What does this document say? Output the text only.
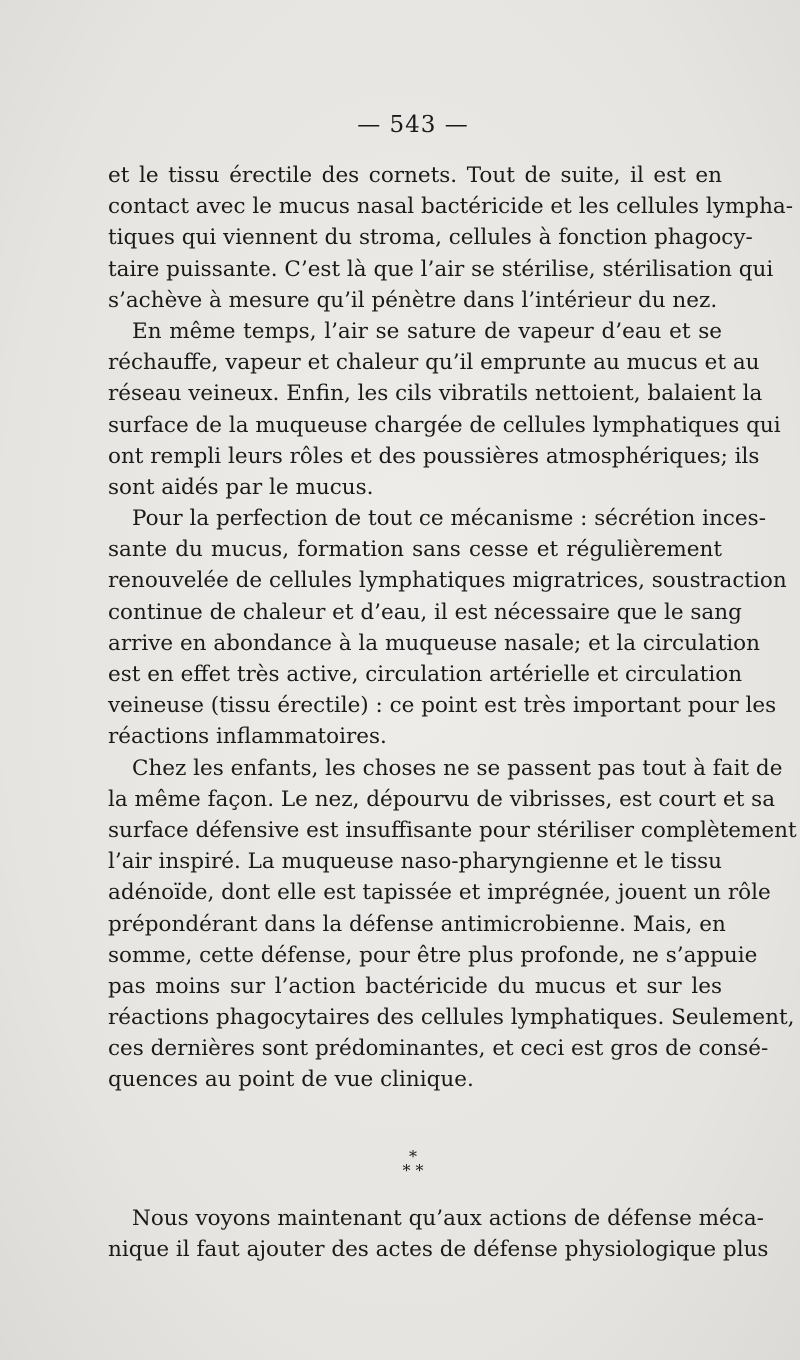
— 543 —
et le tissu érectile des cornets. Tout de suite, il est en
contact avec le mucus nasal bactéricide et les cellules lympha-
tiques qui viennent du stroma, cellules à fonction phagocy-
taire puissante. C’est là que l’air se stérilise, stérilisation qui
s’achève à mesure qu’il pénètre dans l’intérieur du nez.
En même temps, l’air se sature de vapeur d’eau et se
réchauffe, vapeur et chaleur qu’il emprunte au mucus et au
réseau veineux. Enfin, les cils vibratils nettoient, balaient la
surface de la muqueuse chargée de cellules lymphatiques qui
ont rempli leurs rôles et des poussières atmosphériques; ils
sont aidés par le mucus.
Pour la perfection de tout ce mécanisme : sécrétion inces-
sante du mucus, formation sans cesse et régulièrement
renouvelée de cellules lymphatiques migratrices, soustraction
continue de chaleur et d’eau, il est nécessaire que le sang
arrive en abondance à la muqueuse nasale; et la circulation
est en effet très active, circulation artérielle et circulation
veineuse (tissu érectile) : ce point est très important pour les
réactions inflammatoires.
Chez les enfants, les choses ne se passent pas tout à fait de
la même façon. Le nez, dépourvu de vibrisses, est court et sa
surface défensive est insuffisante pour stériliser complètement
l’air inspiré. La muqueuse naso-pharyngienne et le tissu
adénoïde, dont elle est tapissée et imprégnée, jouent un rôle
prépondérant dans la défense antimicrobienne. Mais, en
somme, cette défense, pour être plus profonde, ne s’appuie
pas moins sur l’action bactéricide du mucus et sur les
réactions phagocytaires des cellules lymphatiques. Seulement,
ces dernières sont prédominantes, et ceci est gros de consé-
quences au point de vue clinique.
*
* *
Nous voyons maintenant qu’aux actions de défense méca-
nique il faut ajouter des actes de défense physiologique plus
